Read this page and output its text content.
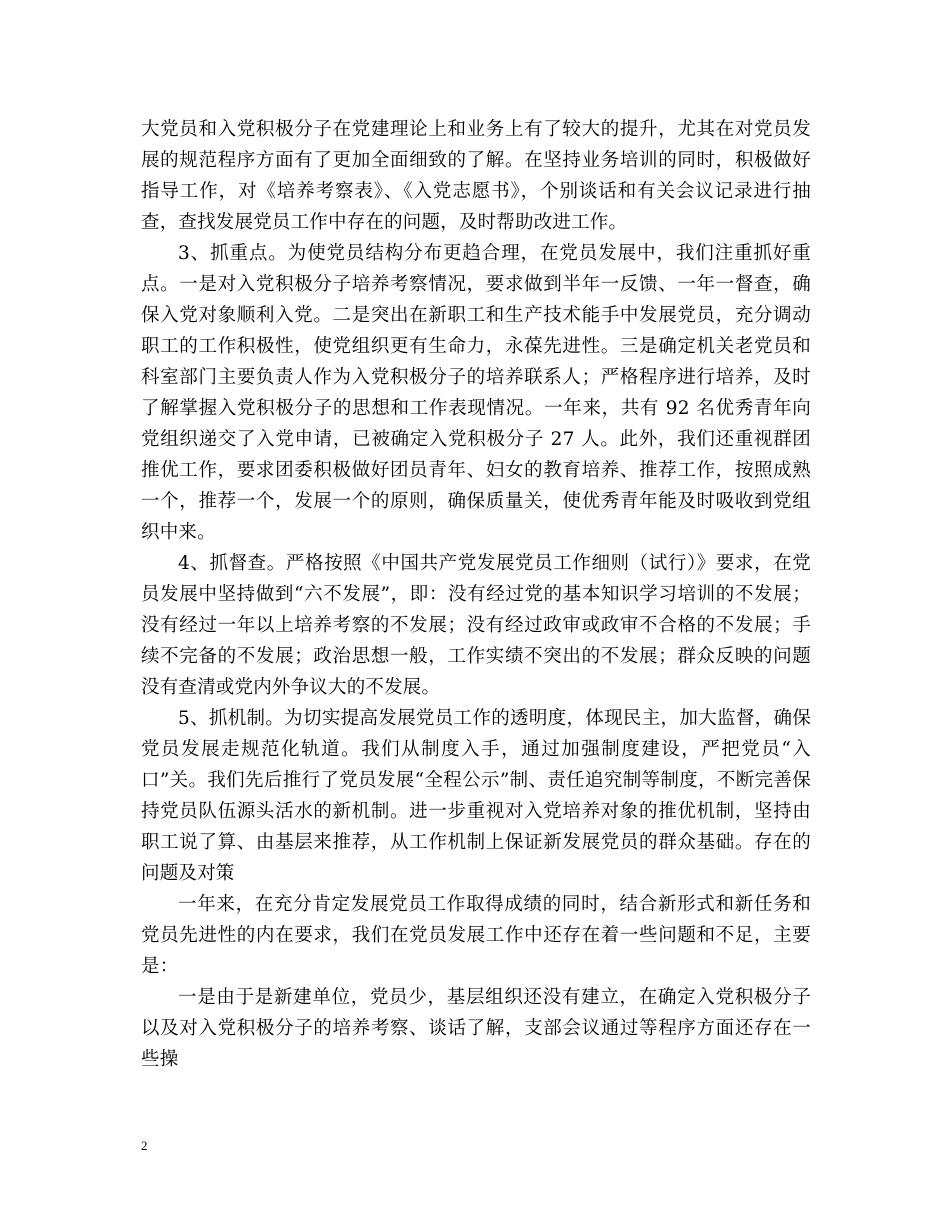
大党员和入党积极分子在党建理论上和业务上有了较大的提升，尤其在对党员发展的规范程序方面有了更加全面细致的了解。在坚持业务培训的同时，积极做好指导工作，对《培养考察表》、《入党志愿书》，个别谈话和有关会议记录进行抽查，查找发展党员工作中存在的问题，及时帮助改进工作。

3、抓重点。为使党员结构分布更趋合理，在党员发展中，我们注重抓好重点。一是对入党积极分子培养考察情况，要求做到半年一反馈、一年一督查，确保入党对象顺利入党。二是突出在新职工和生产技术能手中发展党员，充分调动职工的工作积极性，使党组织更有生命力，永葆先进性。三是确定机关老党员和科室部门主要负责人作为入党积极分子的培养联系人；严格程序进行培养，及时了解掌握入党积极分子的思想和工作表现情况。一年来，共有 92 名优秀青年向党组织递交了入党申请，已被确定入党积极分子 27 人。此外，我们还重视群团推优工作，要求团委积极做好团员青年、妇女的教育培养、推荐工作，按照成熟一个，推荐一个，发展一个的原则，确保质量关，使优秀青年能及时吸收到党组织中来。

4、抓督查。严格按照《中国共产党发展党员工作细则（试行）》要求，在党员发展中坚持做到“六不发展”，即：没有经过党的基本知识学习培训的不发展；没有经过一年以上培养考察的不发展；没有经过政审或政审不合格的不发展；手续不完备的不发展；政治思想一般，工作实绩不突出的不发展；群众反映的问题没有查清或党内外争议大的不发展。

5、抓机制。为切实提高发展党员工作的透明度，体现民主，加大监督，确保党员发展走规范化轨道。我们从制度入手，通过加强制度建设，严把党员“入口”关。我们先后推行了党员发展“全程公示”制、责任追究制等制度，不断完善保持党员队伍源头活水的新机制。进一步重视对入党培养对象的推优机制，坚持由职工说了算、由基层来推荐，从工作机制上保证新发展党员的群众基础。存在的问题及对策

一年来，在充分肯定发展党员工作取得成绩的同时，结合新形式和新任务和党员先进性的内在要求，我们在党员发展工作中还存在着一些问题和不足，主要是：

一是由于是新建单位，党员少，基层组织还没有建立，在确定入党积极分子以及对入党积极分子的培养考察、谈话了解，支部会议通过等程序方面还存在一些操

2
